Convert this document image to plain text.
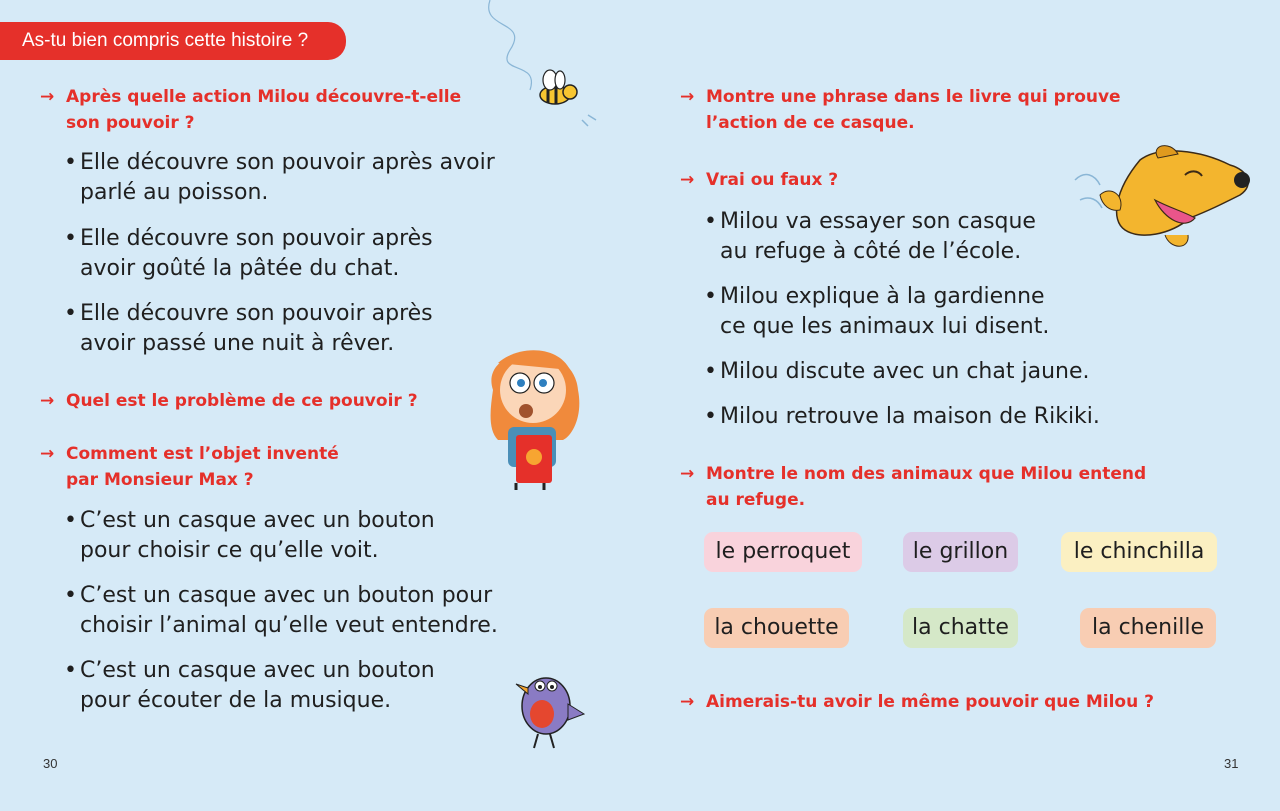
As-tu bien compris cette histoire ?
→ Après quelle action Milou découvre-t-elle
son pouvoir ?
• Elle découvre son pouvoir après avoir
parlé au poisson.
• Elle découvre son pouvoir après
avoir goûté la pâtée du chat.
• Elle découvre son pouvoir après
avoir passé une nuit à rêver.
→ Quel est le problème de ce pouvoir ?
→ Comment est l’objet inventé
par Monsieur Max ?
• C’est un casque avec un bouton
pour choisir ce qu’elle voit.
• C’est un casque avec un bouton pour
choisir l’animal qu’elle veut entendre.
• C’est un casque avec un bouton
pour écouter de la musique.
30
→ Montre une phrase dans le livre qui prouve
l’action de ce casque.
→ Vrai ou faux ?
• Milou va essayer son casque
au refuge à côté de l’école.
• Milou explique à la gardienne
ce que les animaux lui disent.
• Milou discute avec un chat jaune.
• Milou retrouve la maison de Rikiki.
→ Montre le nom des animaux que Milou entend
au refuge.
le perroquet	le grillon	le chinchilla
la chouette	la chatte	la chenille
→ Aimerais-tu avoir le même pouvoir que Milou ?
31
